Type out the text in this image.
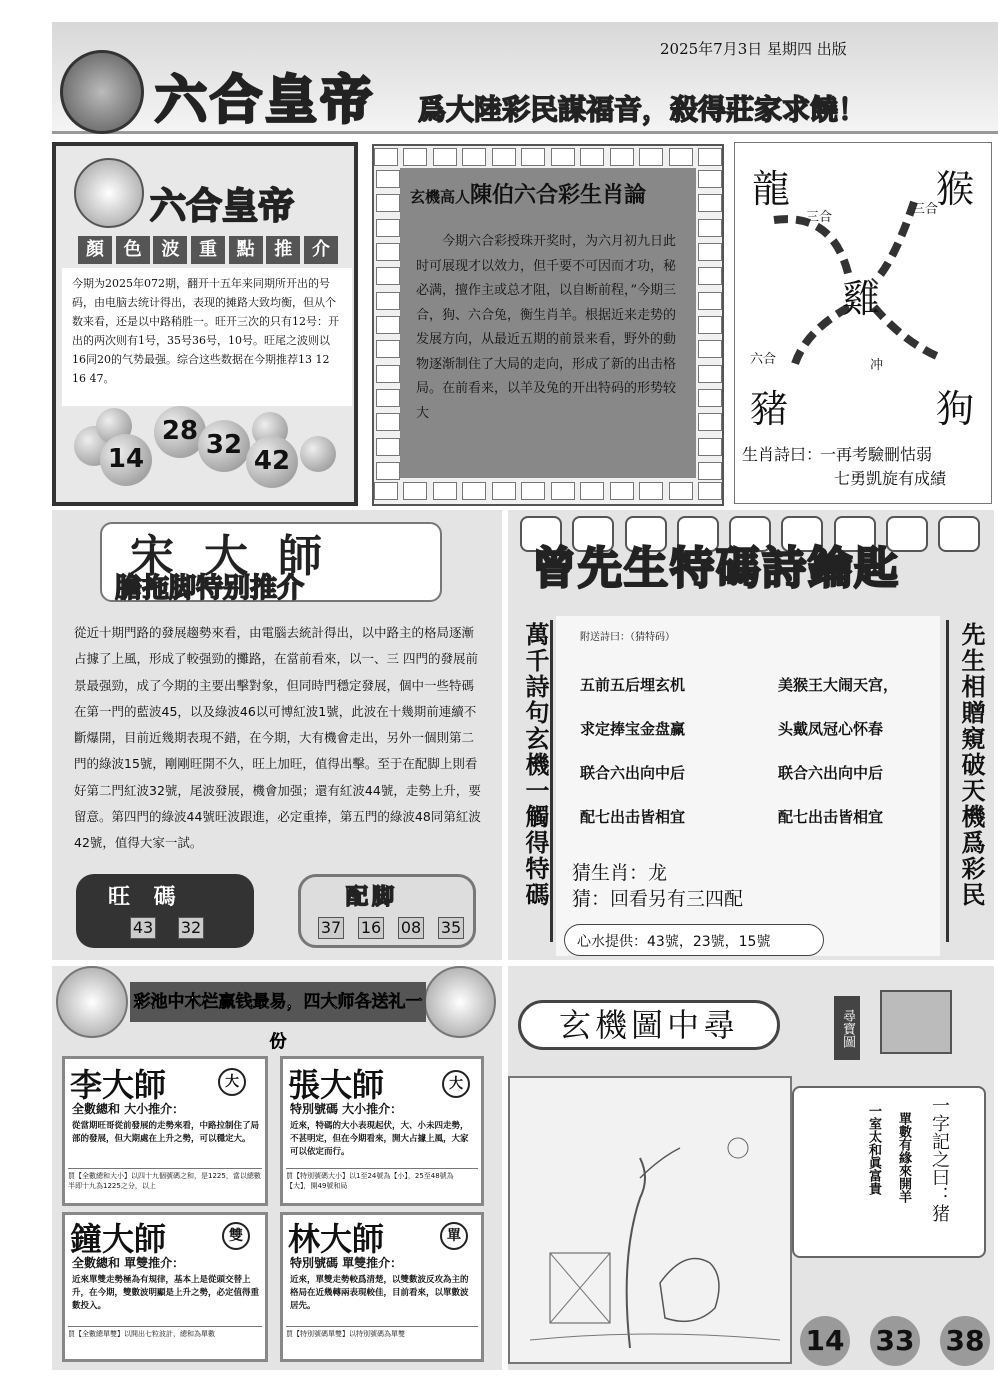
2025年7月3日 星期四 出版
六合皇帝 爲大陸彩民謀福音，殺得莊家求饒！
六合皇帝
顏	色	波	重	點	推	介
今期为2025年072期，翻开十五年来同期所开出的号码，由电脑去统计得出，表现的摊路大致均衡，但从个数来看，还是以中路稍胜一。旺开三次的只有12号：开出的两次则有1号，35号36号，10号。旺尾之波则以16同20的气势最强。综合这些数据在今期推荐13 12 16 47。
14
28 32
42
玄機高人陳伯六合彩生肖論
今期六合彩授珠开奖时，为六月初九日此时可展现才以效力，但千要不可因而才功，秘必满，擅作主或总才阻，以自断前程，”今期三合，狗、六合兔，衡生肖羊。根据近来走势的发展方向，从最近五期的前景来看，野外的動物逐渐制住了大局的走向，形成了新的出击格局。在前看来，以羊及兔的开出特码的形势较大
龍	猴
雞
豬	狗
三合
三合
六合	冲
生肖詩曰：
一再考驗刪怙弱
七勇凱旋有成績
宋大師
膽拖脚特别推介
從近十期門路的發展趨勢來看，由電腦去統計得出，以中路主的格局逐漸占據了上風，形成了較强勁的攤路，在當前看來，以一、三 四門的發展前景最强勁，成了今期的主要出擊對象，但同時門穩定發展，個中一些特碼在第一門的藍波45，以及綠波46以可博紅波1號，此波在十幾期前連續不斷爆開，目前近幾期表現不錯，在今期，大有機會走出，另外一個則第二門的綠波15號，剛剛旺開不久，旺上加旺，值得出擊。至于在配脚上則看好第二門紅波32號，尾波發展，機會加强；還有紅波44號，走勢上升，要留意。第四門的綠波44號旺波跟進，必定重捧，第五門的綠波48同第紅波42號，值得大家一試。
旺 碼
43 32
配脚
37 16 08 35
曾先生特碼詩鑰匙
萬千詩句玄機一觸得特碼	先生相贈窺破天機爲彩民
附送詩曰：（猜特码）
五前五后埋玄机	美猴王大闹天宫，
求定捧宝金盘赢	头戴凤冠心怀春
联合六出向中后	联合六出向中后
配七出击皆相宜	配七出击皆相宜
猜生肖：龙
猜：回看另有三四配
心水提供：43號，23號，15號
彩池中木栏赢钱最易，四大师各送礼一份
李大師	大
全數總和 大小推介：
從當期旺哥從前發展的走勢來看，中路拉制住了局部的發展，但大期處在上升之勢，可以穩定大。
買【全數總和大小】以四十九個號碼之和，是1225，當以總數半即十九為1225之分，以上
張大師	大
特別號碼 大小推介：
近來，特碼的大小表現起伏，大、小未四走勢，不甚明定，但在今期看來，開大占據上風，大家可以依定而行。
買【特別號碼大小】以1至24號為【小】，25至48號為【大】，開49號和局
鐘大師	雙
全數總和 單雙推介：
近來單雙走勢極為有規律，基本上是從頭交替上升，在今期，雙數波明顯是上升之勢，必定值得重數投入。
買【全數總單雙】以開出七粒波計，總和為單數
林大師	單
特別號碼 單雙推介：
近來，單雙走勢較爲清楚，以雙數波反攻為主的格局在近幾轉兩表現較佳，目前看來，以單數波居先。
買【特別號碼單雙】以特別號碼為單雙
玄機圖中尋	尋寶圖
一字記之曰：猪
單數有緣來開羊
一室太和眞富貴
14 33 38
